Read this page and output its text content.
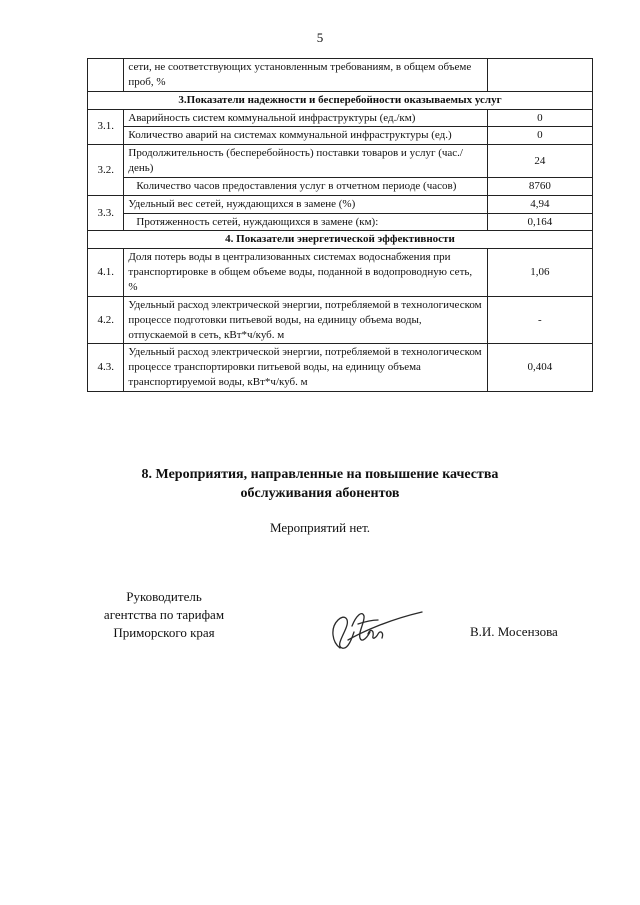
5
	сети, не соответствующих установленным требованиям, в общем объеме проб, %	
3.Показатели надежности и бесперебойности оказываемых услуг		
3.1.	Аварийность систем коммунальной инфраструктуры (ед./км)	0
	Количество аварий на системах коммунальной инфраструктуры (ед.)	0
3.2.	Продолжительность (бесперебойность) поставки товаров и услуг (час./день)	24
	Количество часов предоставления услуг в отчетном периоде (часов)	8760
3.3.	Удельный вес сетей, нуждающихся в замене (%)	4,94
	Протяженность сетей, нуждающихся в замене (км):	0,164
4. Показатели энергетической эффективности		
4.1.	Доля потерь воды в централизованных системах водоснабжения при транспортировке в общем объеме воды, поданной в водопроводную сеть, %	1,06
4.2.	Удельный расход электрической энергии, потребляемой в технологическом процессе подготовки питьевой воды, на единицу объема воды, отпускаемой в сеть, кВт*ч/куб. м	-
4.3.	Удельный расход электрической энергии, потребляемой в технологическом процессе транспортировки питьевой воды, на единицу объема транспортируемой воды, кВт*ч/куб. м	0,404
8. Мероприятия, направленные на повышение качества
обслуживания абонентов
Мероприятий нет.
Руководитель
агентства по тарифам
Приморского края	В.И. Мосензова
